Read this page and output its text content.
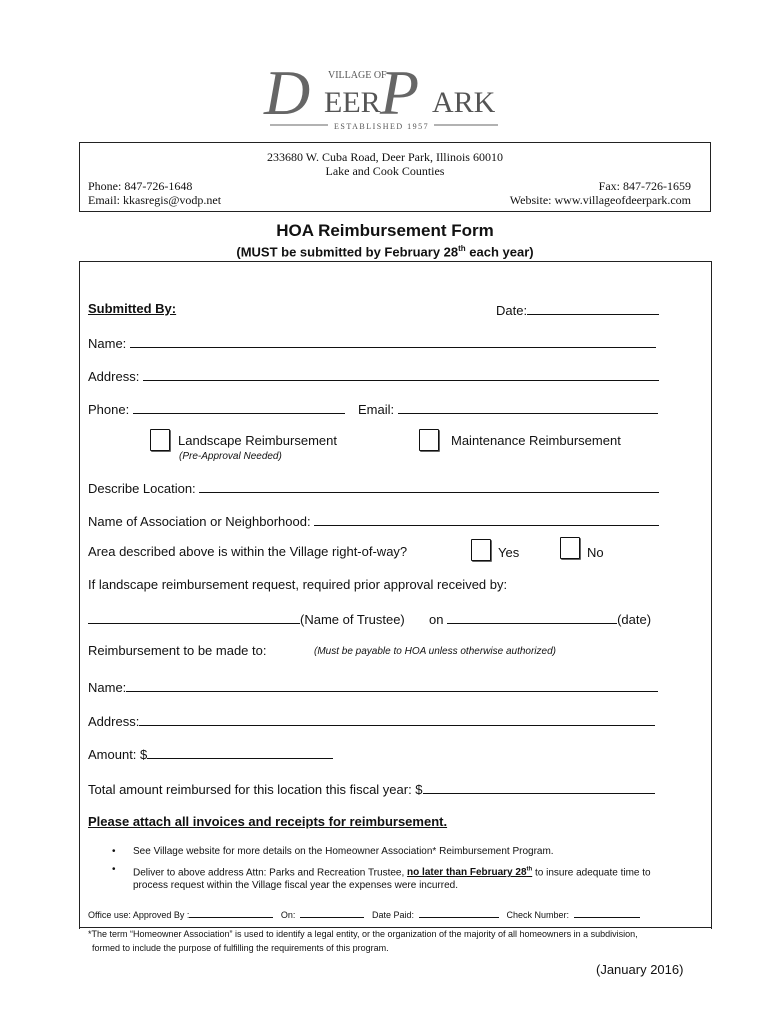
VILLAGE OF
D EER P ARK
ESTABLISHED 1957
233680 W. Cuba Road, Deer Park, Illinois 60010
Lake and Cook Counties
Phone: 847-726-1648	Fax: 847-726-1659
Email: kkasregis@vodp.net	Website: www.villageofdeerpark.com
HOA Reimbursement Form
(MUST be submitted by February 28th each year)
Submitted By:	Date:
Name:
Address:
Phone:	Email:
Landscape Reimbursement
(Pre-Approval Needed)
Maintenance Reimbursement
Describe Location:
Name of Association or Neighborhood:
Area described above is within the Village right-of-way?	Yes	No
If landscape reimbursement request, required prior approval received by:
(Name of Trustee) on	(date)
Reimbursement to be made to:	(Must be payable to HOA unless otherwise authorized)
Name:
Address:
Amount: $
Total amount reimbursed for this location this fiscal year: $
Please attach all invoices and receipts for reimbursement.
• See Village website for more details on the Homeowner Association* Reimbursement Program.
• Deliver to above address Attn: Parks and Recreation Trustee, no later than February 28th to insure adequate time to
process request within the Village fiscal year the expenses were incurred.
Office use: Approved By :	On:	Date Paid:	Check Number:
*The term “Homeowner Association” is used to identify a legal entity, or the organization of the majority of all homeowners in a subdivision,
formed to include the purpose of fulfilling the requirements of this program.
(January 2016)
